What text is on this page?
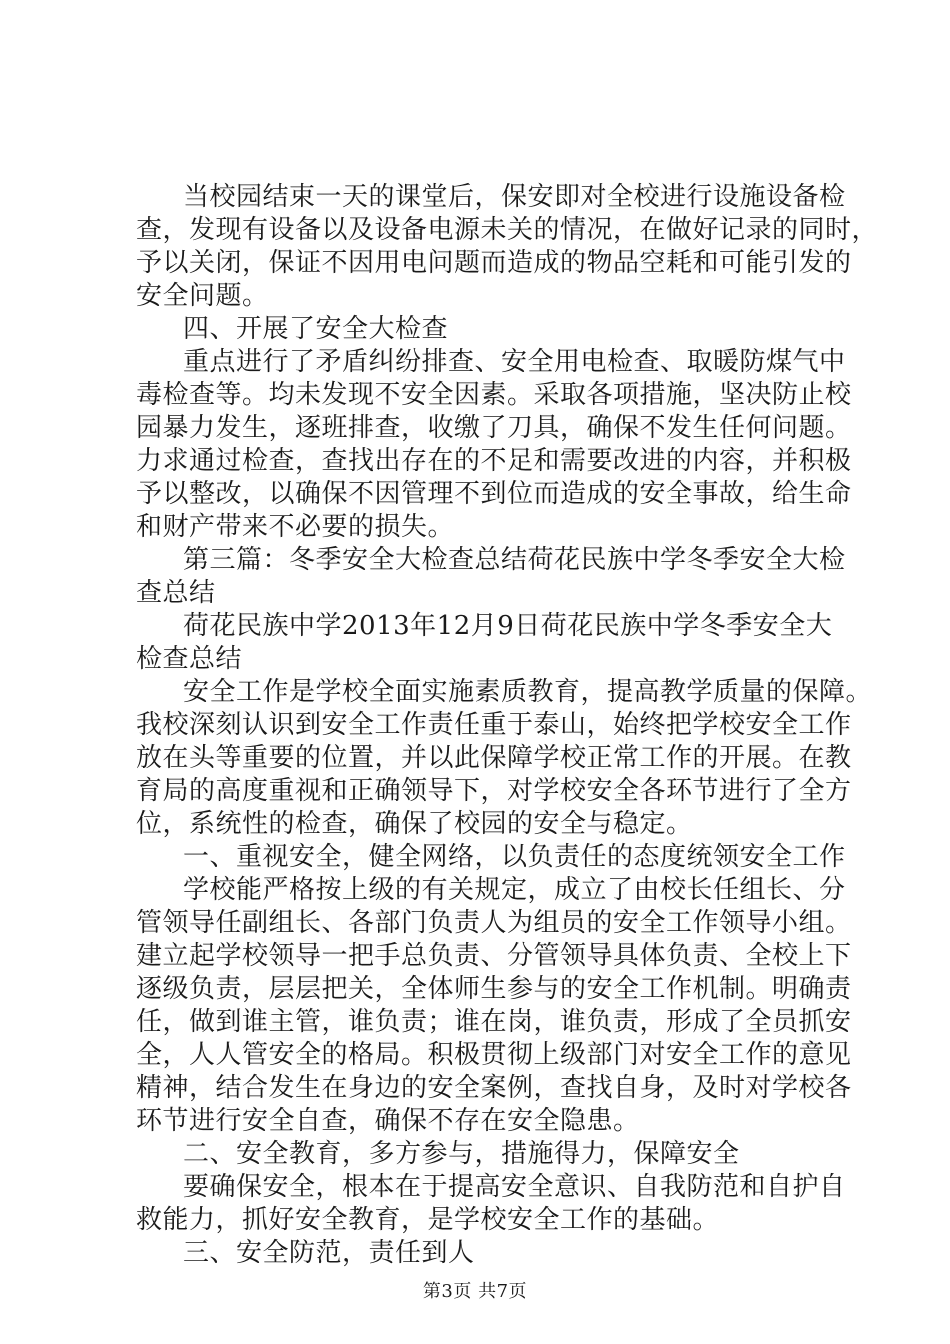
当校园结束一天的课堂后，保安即对全校进行设施设备检
查，发现有设备以及设备电源未关的情况，在做好记录的同时，
予以关闭，保证不因用电问题而造成的物品空耗和可能引发的
安全问题。
四、开展了安全大检查
重点进行了矛盾纠纷排查、安全用电检查、取暖防煤气中
毒检查等。均未发现不安全因素。采取各项措施，坚决防止校
园暴力发生，逐班排查，收缴了刀具，确保不发生任何问题。
力求通过检查，查找出存在的不足和需要改进的内容，并积极
予以整改，以确保不因管理不到位而造成的安全事故，给生命
和财产带来不必要的损失。
第三篇：冬季安全大检查总结荷花民族中学冬季安全大检
查总结
荷花民族中学2013年12月9日荷花民族中学冬季安全大
检查总结
安全工作是学校全面实施素质教育，提高教学质量的保障。
我校深刻认识到安全工作责任重于泰山，始终把学校安全工作
放在头等重要的位置，并以此保障学校正常工作的开展。在教
育局的高度重视和正确领导下，对学校安全各环节进行了全方
位，系统性的检查，确保了校园的安全与稳定。
一、重视安全，健全网络，以负责任的态度统领安全工作
学校能严格按上级的有关规定，成立了由校长任组长、分
管领导任副组长、各部门负责人为组员的安全工作领导小组。
建立起学校领导一把手总负责、分管领导具体负责、全校上下
逐级负责，层层把关，全体师生参与的安全工作机制。明确责
任，做到谁主管，谁负责；谁在岗，谁负责，形成了全员抓安
全，人人管安全的格局。积极贯彻上级部门对安全工作的意见
精神，结合发生在身边的安全案例，查找自身，及时对学校各
环节进行安全自查，确保不存在安全隐患。
二、安全教育，多方参与，措施得力，保障安全
要确保安全，根本在于提高安全意识、自我防范和自护自
救能力，抓好安全教育，是学校安全工作的基础。
三、安全防范，责任到人
第3页 共7页
